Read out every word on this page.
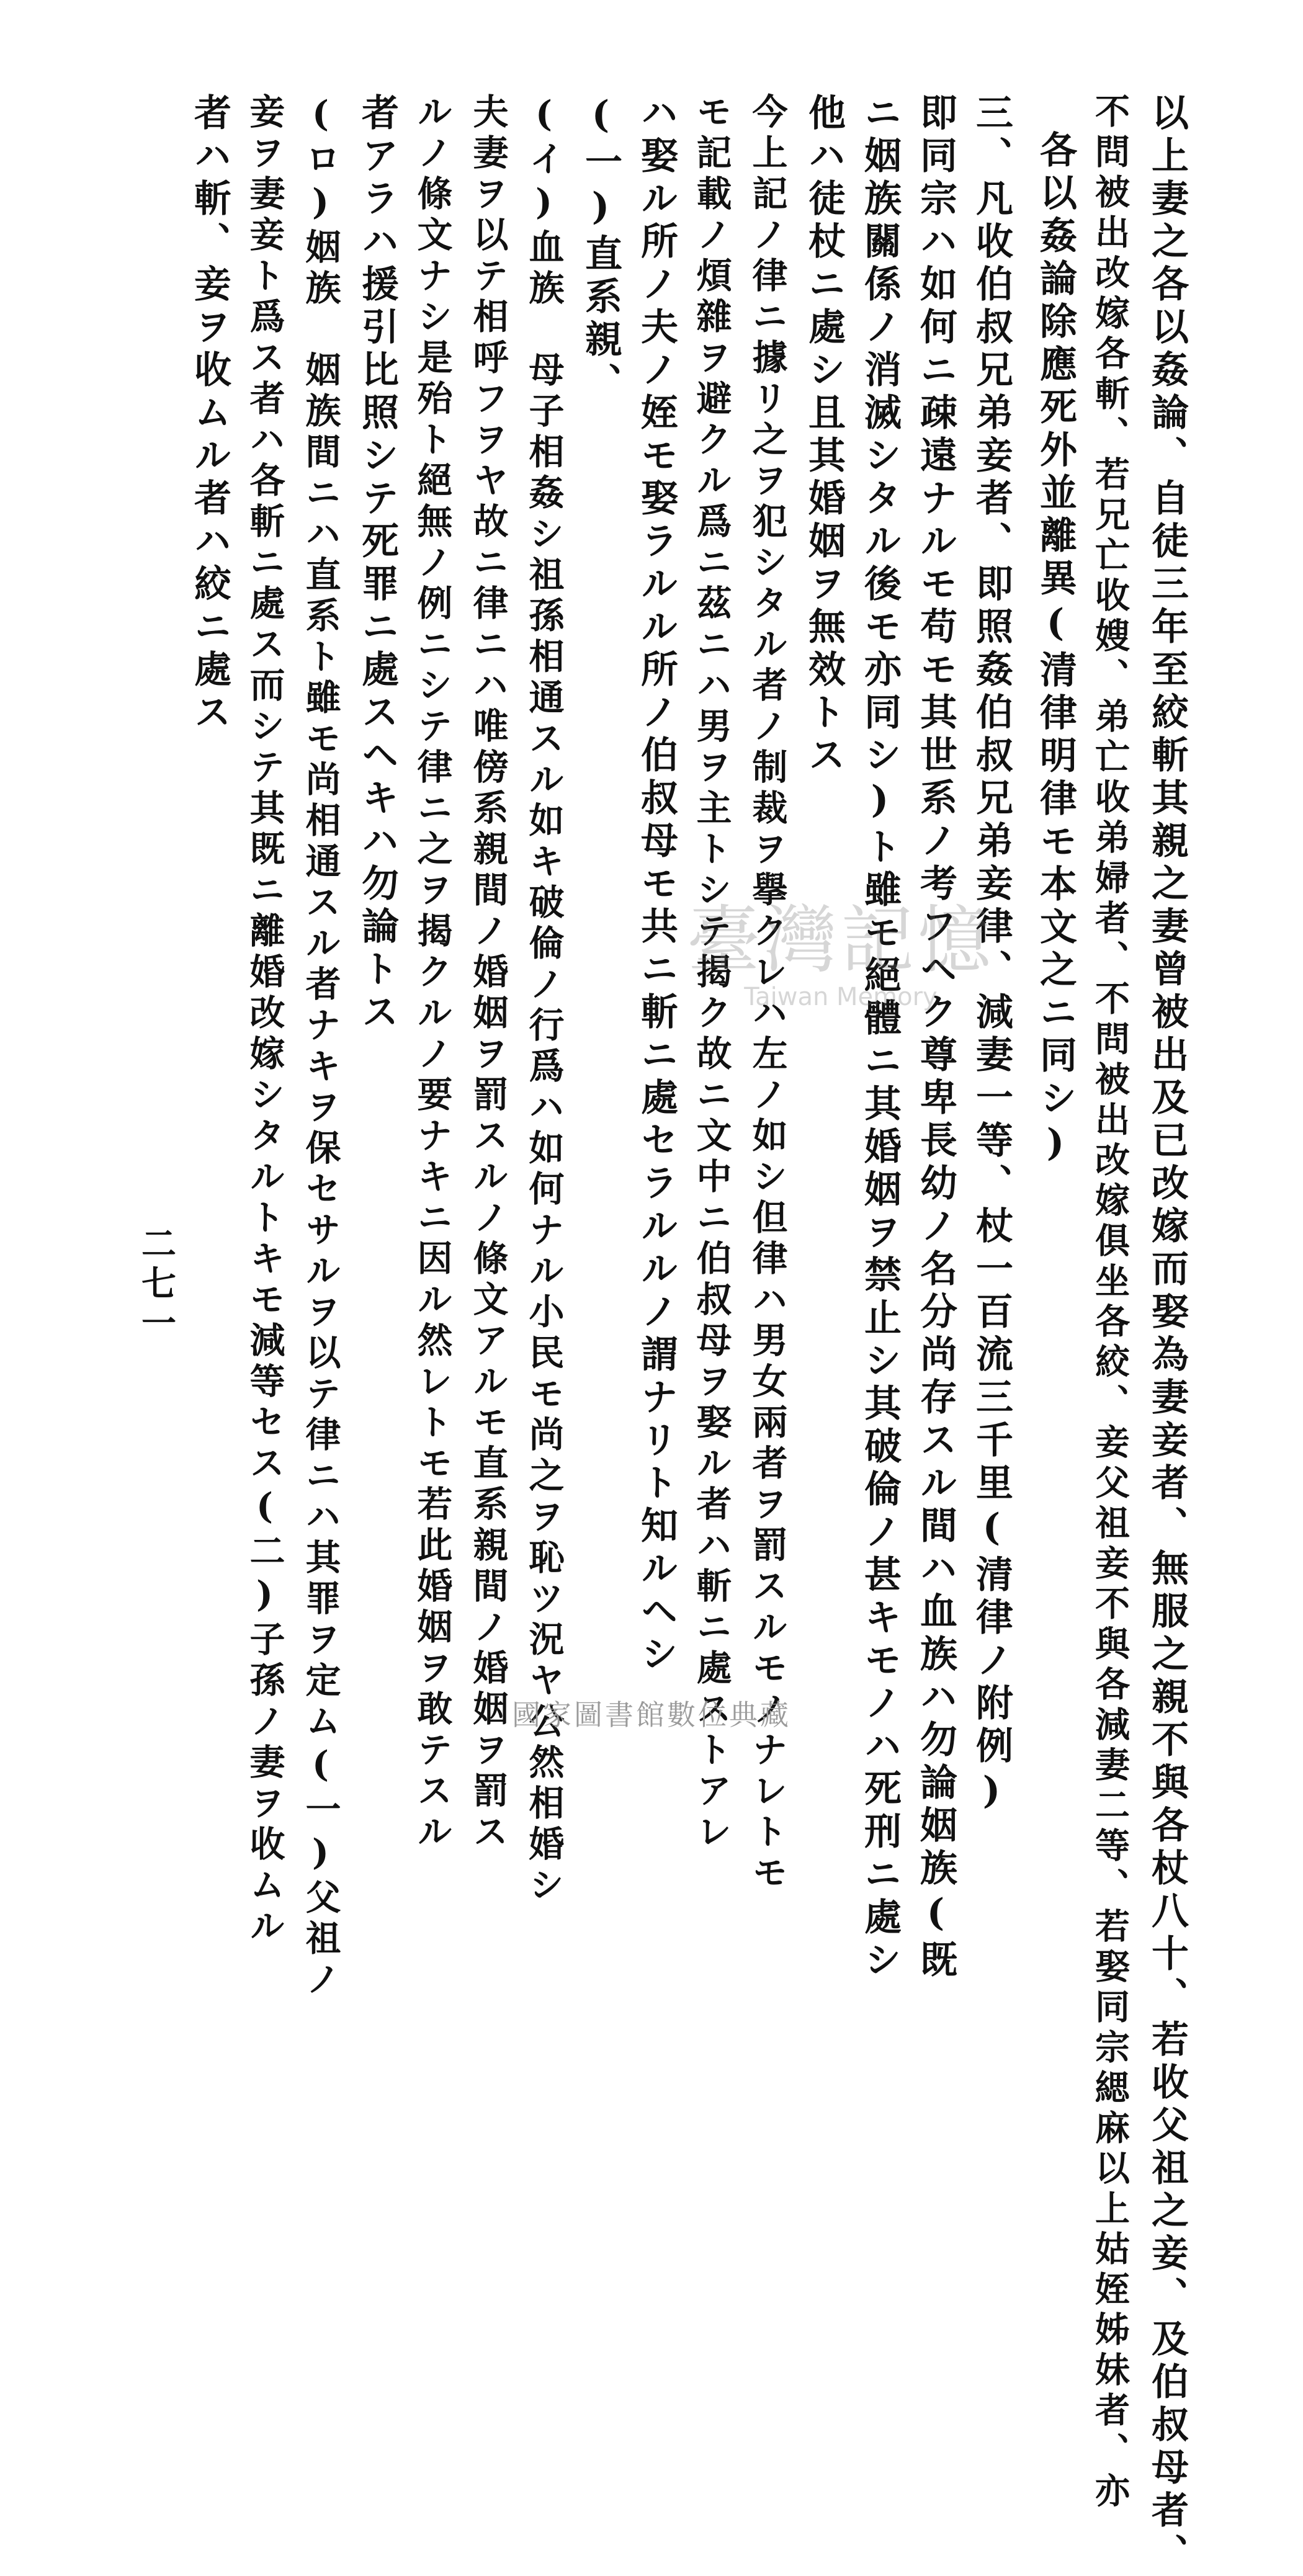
以上妻之各以姦論、自徒三年至絞斬其親之妻曾被出及已改嫁而娶為妻妾者、無服之親不與各杖八十、若收父祖之妾、及伯叔母者、
不問被出改嫁各斬、若兄亡收嫂、弟亡收弟婦者、不問被出改嫁俱坐各絞、妾父祖妾不與各減妻二等、若娶同宗緦麻以上姑姪姊妹者、亦
各以姦論除應死外並離異(清律明律モ本文之ニ同シ)
三、凡收伯叔兄弟妾者、即照姦伯叔兄弟妾律、減妻一等、杖一百流三千里(清律ノ附例)
即同宗ハ如何ニ疎遠ナルモ苟モ其世系ノ考フヘク尊卑長幼ノ名分尚存スル間ハ血族ハ勿論姻族(既
ニ姻族關係ノ消滅シタル後モ亦同シ)ト雖モ絕體ニ其婚姻ヲ禁止シ其破倫ノ甚キモノハ死刑ニ處シ
他ハ徒杖ニ處シ且其婚姻ヲ無效トス
今上記ノ律ニ據リ之ヲ犯シタル者ノ制裁ヲ擧クレハ左ノ如シ但律ハ男女兩者ヲ罰スルモノナレトモ
モ記載ノ煩雜ヲ避クル爲ニ茲ニハ男ヲ主トシテ揭ク故ニ文中ニ伯叔母ヲ娶ル者ハ斬ニ處ストアレ
ハ娶ル所ノ夫ノ姪モ娶ラルル所ノ伯叔母モ共ニ斬ニ處セラルルノ謂ナリト知ルヘシ
(一)直系親、
(イ)血族　母子相姦シ祖孫相通スル如キ破倫ノ行爲ハ如何ナル小民モ尚之ヲ恥ツ況ヤ公然相婚シ
夫妻ヲ以テ相呼フヲヤ故ニ律ニハ唯傍系親間ノ婚姻ヲ罰スルノ條文アルモ直系親間ノ婚姻ヲ罰ス
ルノ條文ナシ是殆ト絕無ノ例ニシテ律ニ之ヲ揭クルノ要ナキニ因ル然レトモ若此婚姻ヲ敢テスル
者アラハ援引比照シテ死罪ニ處スヘキハ勿論トス
(ロ)姻族　姻族間ニハ直系ト雖モ尚相通スル者ナキヲ保セサルヲ以テ律ニハ其罪ヲ定ム(一)父祖ノ
妾ヲ妻妾ト爲ス者ハ各斬ニ處ス而シテ其既ニ離婚改嫁シタルトキモ減等セス(二)子孫ノ妻ヲ收ムル
者ハ斬、妾ヲ收ムル者ハ絞ニ處ス
二七一
臺灣記憶
Taiwan Memory
國家圖書館數位典藏
